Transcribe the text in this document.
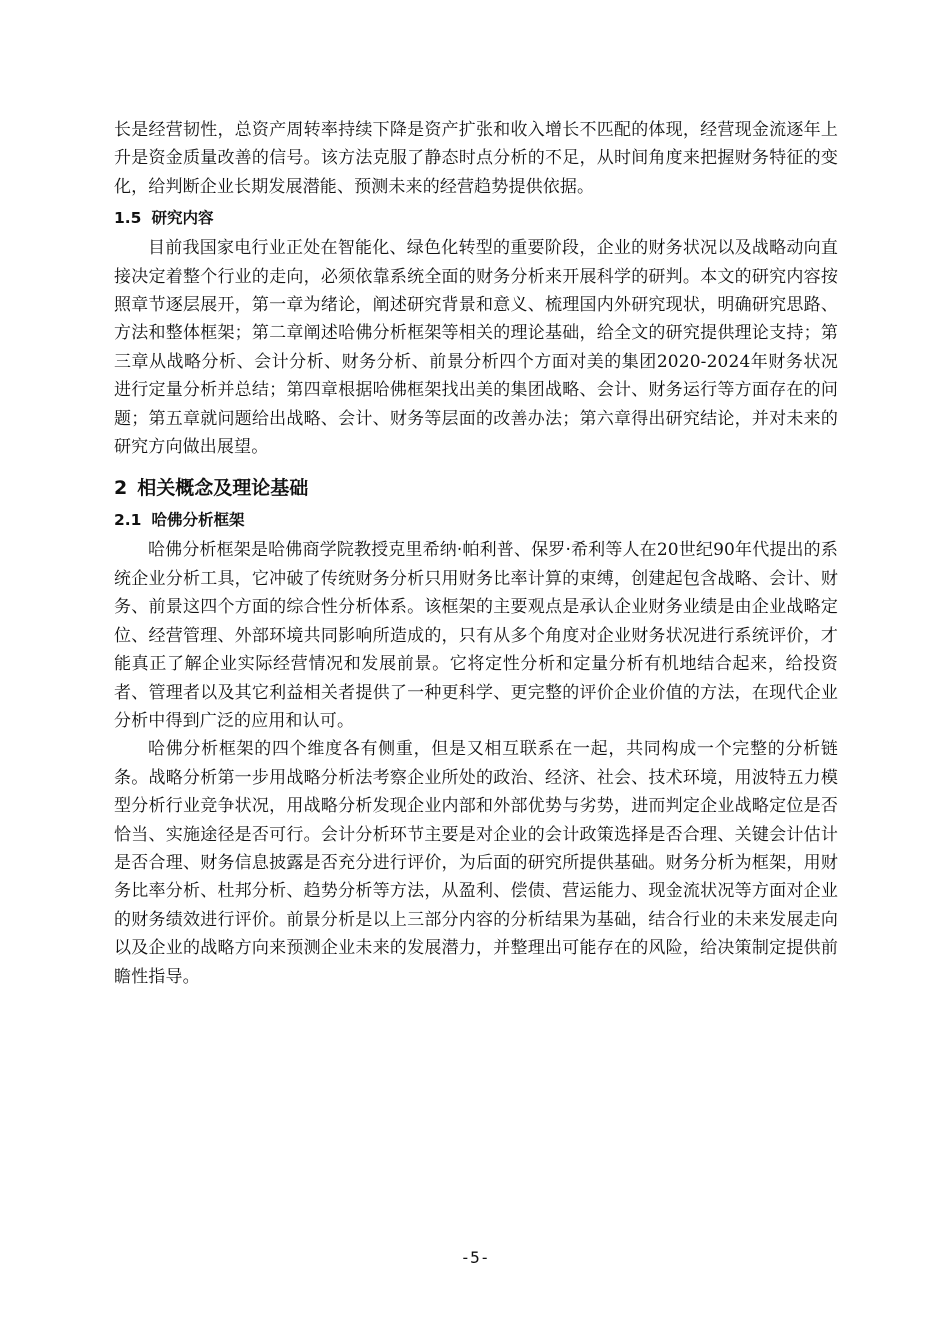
长是经营韧性，总资产周转率持续下降是资产扩张和收入增长不匹配的体现，经营现金流逐年上升是资金质量改善的信号。该方法克服了静态时点分析的不足，从时间角度来把握财务特征的变化，给判断企业长期发展潜能、预测未来的经营趋势提供依据。

1.5 研究内容

目前我国家电行业正处在智能化、绿色化转型的重要阶段，企业的财务状况以及战略动向直接决定着整个行业的走向，必须依靠系统全面的财务分析来开展科学的研判。本文的研究内容按照章节逐层展开，第一章为绪论，阐述研究背景和意义、梳理国内外研究现状，明确研究思路、方法和整体框架；第二章阐述哈佛分析框架等相关的理论基础，给全文的研究提供理论支持；第三章从战略分析、会计分析、财务分析、前景分析四个方面对美的集团2020-2024年财务状况进行定量分析并总结；第四章根据哈佛框架找出美的集团战略、会计、财务运行等方面存在的问题；第五章就问题给出战略、会计、财务等层面的改善办法；第六章得出研究结论，并对未来的研究方向做出展望。

2 相关概念及理论基础
2.1 哈佛分析框架

哈佛分析框架是哈佛商学院教授克里希纳·帕利普、保罗·希利等人在20世纪90年代提出的系统企业分析工具，它冲破了传统财务分析只用财务比率计算的束缚，创建起包含战略、会计、财务、前景这四个方面的综合性分析体系。该框架的主要观点是承认企业财务业绩是由企业战略定位、经营管理、外部环境共同影响所造成的，只有从多个角度对企业财务状况进行系统评价，才能真正了解企业实际经营情况和发展前景。它将定性分析和定量分析有机地结合起来，给投资者、管理者以及其它利益相关者提供了一种更科学、更完整的评价企业价值的方法，在现代企业分析中得到广泛的应用和认可。

哈佛分析框架的四个维度各有侧重，但是又相互联系在一起，共同构成一个完整的分析链条。战略分析第一步用战略分析法考察企业所处的政治、经济、社会、技术环境，用波特五力模型分析行业竞争状况，用战略分析发现企业内部和外部优势与劣势，进而判定企业战略定位是否恰当、实施途径是否可行。会计分析环节主要是对企业的会计政策选择是否合理、关键会计估计是否合理、财务信息披露是否充分进行评价，为后面的研究所提供基础。财务分析为框架，用财务比率分析、杜邦分析、趋势分析等方法，从盈利、偿债、营运能力、现金流状况等方面对企业的财务绩效进行评价。前景分析是以上三部分内容的分析结果为基础，结合行业的未来发展走向以及企业的战略方向来预测企业未来的发展潜力，并整理出可能存在的风险，给决策制定提供前瞻性指导。

-5-
